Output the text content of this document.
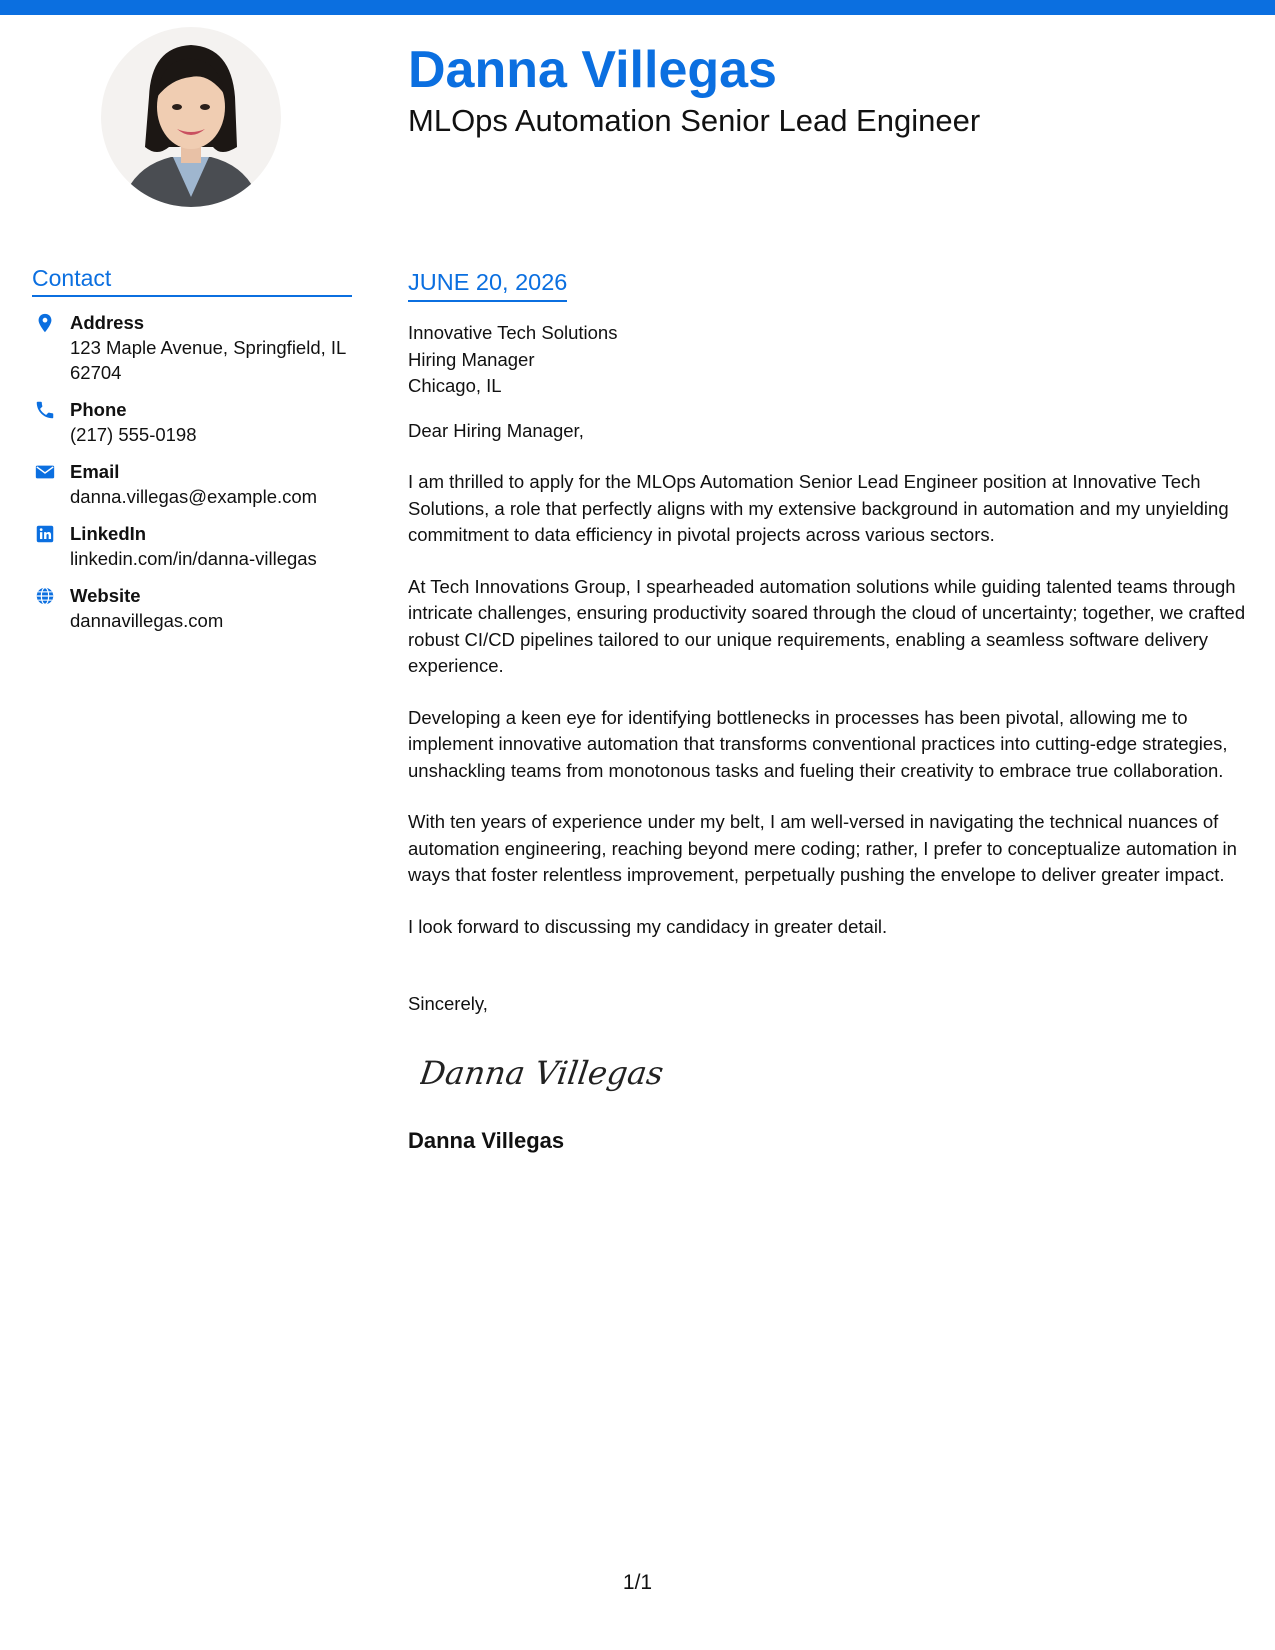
Danna Villegas
MLOps Automation Senior Lead Engineer
Contact
Address
123 Maple Avenue, Springfield, IL 62704
Phone
(217) 555-0198
Email
danna.villegas@example.com
LinkedIn
linkedin.com/in/danna-villegas
Website
dannavillegas.com
JUNE 20, 2026
Innovative Tech Solutions
Hiring Manager
Chicago, IL
Dear Hiring Manager,
I am thrilled to apply for the MLOps Automation Senior Lead Engineer position at Innovative Tech Solutions, a role that perfectly aligns with my extensive background in automation and my unyielding commitment to data efficiency in pivotal projects across various sectors.
At Tech Innovations Group, I spearheaded automation solutions while guiding talented teams through intricate challenges, ensuring productivity soared through the cloud of uncertainty; together, we crafted robust CI/CD pipelines tailored to our unique requirements, enabling a seamless software delivery experience.
Developing a keen eye for identifying bottlenecks in processes has been pivotal, allowing me to implement innovative automation that transforms conventional practices into cutting-edge strategies, unshackling teams from monotonous tasks and fueling their creativity to embrace true collaboration.
With ten years of experience under my belt, I am well-versed in navigating the technical nuances of automation engineering, reaching beyond mere coding; rather, I prefer to conceptualize automation in ways that foster relentless improvement, perpetually pushing the envelope to deliver greater impact.
I look forward to discussing my candidacy in greater detail.
Sincerely,
Danna Villegas
Danna Villegas
1/1
